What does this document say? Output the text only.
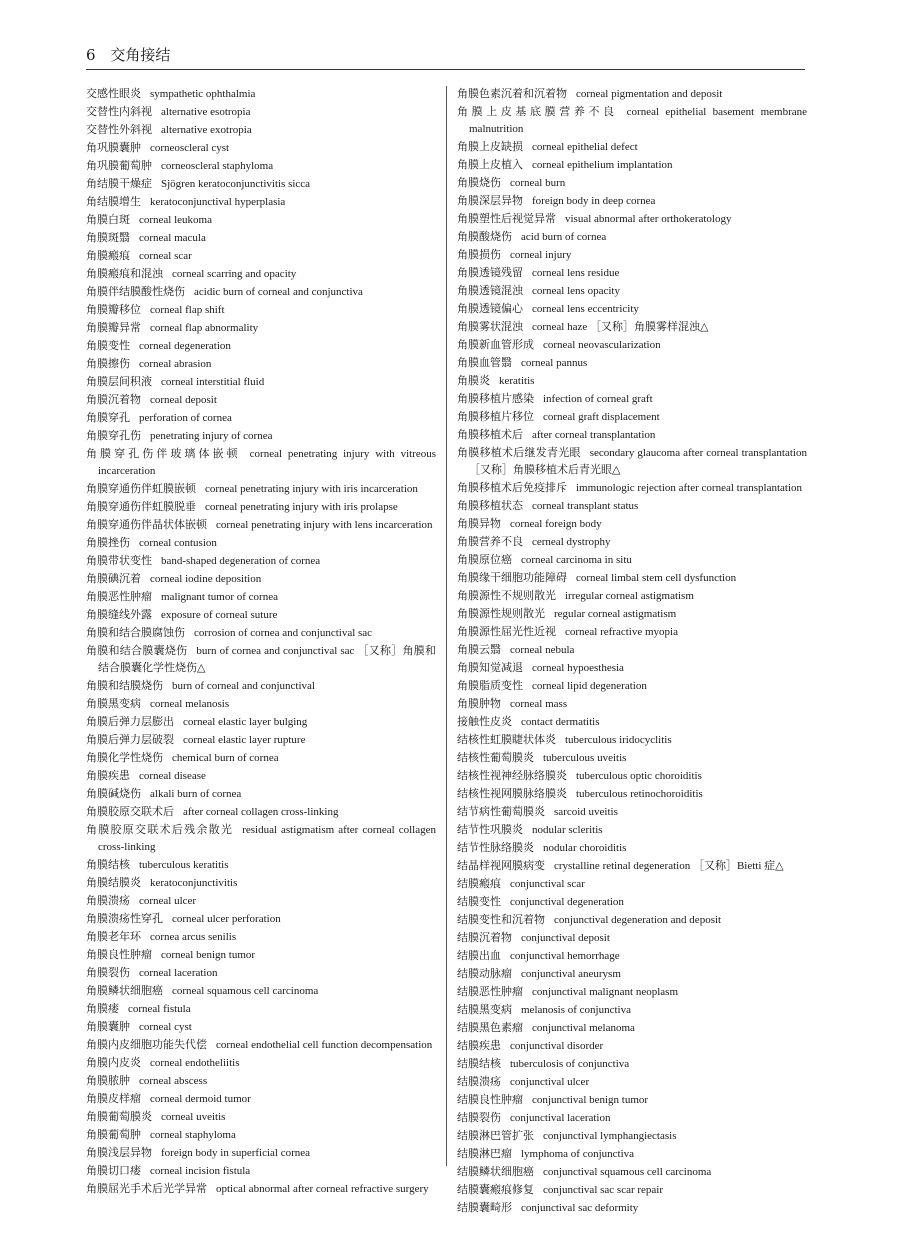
6 交角接结

交感性眼炎 sympathetic ophthalmia

交替性内斜视 alternative esotropia

交替性外斜视 alternative exotropia

角巩膜囊肿 corneoscleral cyst

角巩膜葡萄肿 corneoscleral staphyloma

角结膜干燥症 Sjögren keratoconjunctivitis sicca

角结膜增生 keratoconjunctival hyperplasia

角膜白斑 corneal leukoma

角膜斑翳 corneal macula

角膜瘢痕 corneal scar

角膜瘢痕和混浊 corneal scarring and opacity

角膜伴结膜酸性烧伤 acidic burn of corneal and conjunctiva

角膜瓣移位 corneal flap shift

角膜瓣异常 corneal flap abnormality

角膜变性 corneal degeneration

角膜擦伤 corneal abrasion

角膜层间积液 corneal interstitial fluid

角膜沉着物 corneal deposit

角膜穿孔 perforation of cornea

角膜穿孔伤 penetrating injury of cornea

角膜穿孔伤伴玻璃体嵌顿 corneal penetrating injury with vitreous incarceration

角膜穿通伤伴虹膜嵌顿 corneal penetrating injury with iris incarceration

角膜穿通伤伴虹膜脱垂 corneal penetrating injury with iris prolapse

角膜穿通伤伴晶状体嵌顿 corneal penetrating injury with lens incarceration

角膜挫伤 corneal contusion

角膜带状变性 band-shaped degeneration of cornea

角膜碘沉着 corneal iodine deposition

角膜恶性肿瘤 malignant tumor of cornea

角膜缝线外露 exposure of corneal suture

角膜和结合膜腐蚀伤 corrosion of cornea and conjunctival sac

角膜和结合膜囊烧伤 burn of cornea and conjunctival sac ［又称］角膜和结合膜囊化学性烧伤△

角膜和结膜烧伤 burn of corneal and conjunctival

角膜黑变病 corneal melanosis

角膜后弹力层膨出 corneal elastic layer bulging

角膜后弹力层破裂 corneal elastic layer rupture

角膜化学性烧伤 chemical burn of cornea

角膜疾患 corneal disease

角膜碱烧伤 alkali burn of cornea

角膜胶原交联术后 after corneal collagen cross-linking

角膜胶原交联术后残余散光 residual astigmatism after corneal collagen cross-linking

角膜结核 tuberculous keratitis

角膜结膜炎 keratoconjunctivitis

角膜溃疡 corneal ulcer

角膜溃疡性穿孔 corneal ulcer perforation

角膜老年环 cornea arcus senilis

角膜良性肿瘤 corneal benign tumor

角膜裂伤 corneal laceration

角膜鳞状细胞癌 corneal squamous cell carcinoma

角膜瘘 corneal fistula

角膜囊肿 corneal cyst

角膜内皮细胞功能失代偿 corneal endothelial cell function decompensation

角膜内皮炎 corneal endotheliitis

角膜脓肿 corneal abscess

角膜皮样瘤 corneal dermoid tumor

角膜葡萄膜炎 corneal uveitis

角膜葡萄肿 corneal staphyloma

角膜浅层异物 foreign body in superficial cornea

角膜切口瘘 corneal incision fistula

角膜屈光手术后光学异常 optical abnormal after corneal refractive surgery

角膜色素沉着和沉着物 corneal pigmentation and deposit

角膜上皮基底膜营养不良 corneal epithelial basement membrane malnutrition

角膜上皮缺损 corneal epithelial defect

角膜上皮植入 corneal epithelium implantation

角膜烧伤 corneal burn

角膜深层异物 foreign body in deep cornea

角膜塑性后视觉异常 visual abnormal after orthokeratology

角膜酸烧伤 acid burn of cornea

角膜损伤 corneal injury

角膜透镜残留 corneal lens residue

角膜透镜混浊 corneal lens opacity

角膜透镜偏心 corneal lens eccentricity

角膜雾状混浊 corneal haze ［又称］角膜雾样混浊△

角膜新血管形成 corneal neovascularization

角膜血管翳 corneal pannus

角膜炎 keratitis

角膜移植片感染 infection of corneal graft

角膜移植片移位 corneal graft displacement

角膜移植术后 after corneal transplantation

角膜移植术后继发青光眼 secondary glaucoma after corneal transplantation ［又称］角膜移植术后青光眼△

角膜移植术后免疫排斥 immunologic rejection after corneal transplantation

角膜移植状态 corneal transplant status

角膜异物 corneal foreign body

角膜营养不良 cerneal dystrophy

角膜原位癌 corneal carcinoma in situ

角膜缘干细胞功能障碍 corneal limbal stem cell dysfunction

角膜源性不规则散光 irregular corneal astigmatism

角膜源性规则散光 regular corneal astigmatism

角膜源性屈光性近视 corneal refractive myopia

角膜云翳 corneal nebula

角膜知觉减退 corneal hypoesthesia

角膜脂质变性 corneal lipid degeneration

角膜肿物 corneal mass

接触性皮炎 contact dermatitis

结核性虹膜睫状体炎 tuberculous iridocyclitis

结核性葡萄膜炎 tuberculous uveitis

结核性视神经脉络膜炎 tuberculous optic choroiditis

结核性视网膜脉络膜炎 tuberculous retinochoroiditis

结节病性葡萄膜炎 sarcoid uveitis

结节性巩膜炎 nodular scleritis

结节性脉络膜炎 nodular choroiditis

结晶样视网膜病变 crystalline retinal degeneration ［又称］Bietti 症△

结膜瘢痕 conjunctival scar

结膜变性 conjunctival degeneration

结膜变性和沉着物 conjunctival degeneration and deposit

结膜沉着物 conjunctival deposit

结膜出血 conjunctival hemorrhage

结膜动脉瘤 conjunctival aneurysm

结膜恶性肿瘤 conjunctival malignant neoplasm

结膜黑变病 melanosis of conjunctiva

结膜黑色素瘤 conjunctival melanoma

结膜疾患 conjunctival disorder

结膜结核 tuberculosis of conjunctiva

结膜溃疡 conjunctival ulcer

结膜良性肿瘤 conjunctival benign tumor

结膜裂伤 conjunctival laceration

结膜淋巴管扩张 conjunctival lymphangiectasis

结膜淋巴瘤 lymphoma of conjunctiva

结膜鳞状细胞癌 conjunctival squamous cell carcinoma

结膜囊瘢痕修复 conjunctival sac scar repair

结膜囊畸形 conjunctival sac deformity
